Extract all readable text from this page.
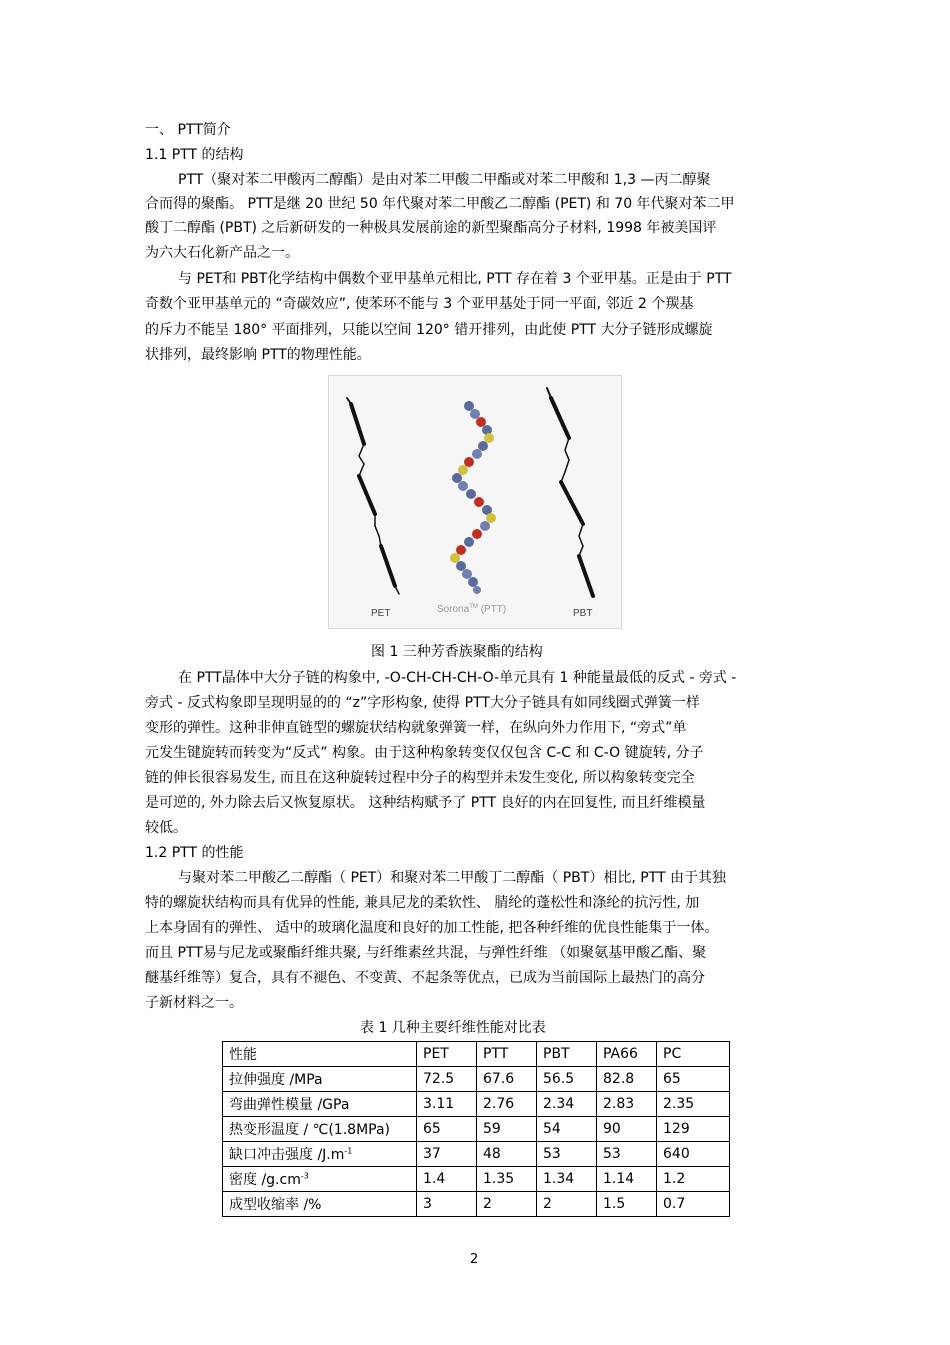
一、 PTT简介
1.1 PTT 的结构
PTT（聚对苯二甲酸丙二醇酯）是由对苯二甲酸二甲酯或对苯二甲酸和 1,3 —丙二醇聚
合而得的聚酯。 PTT是继 20 世纪 50 年代聚对苯二甲酸乙二醇酯 (PET) 和 70 年代聚对苯二甲
酸丁二醇酯 (PBT) 之后新研发的一种极具发展前途的新型聚酯高分子材料, 1998 年被美国评
为六大石化新产品之一。
与 PET和 PBT化学结构中偶数个亚甲基单元相比, PTT 存在着 3 个亚甲基。正是由于 PTT
奇数个亚甲基单元的 “奇碳效应”, 使苯环不能与 3 个亚甲基处于同一平面, 邻近 2 个羰基
的斥力不能呈 180° 平面排列，只能以空间 120° 错开排列，由此使 PTT 大分子链形成螺旋
状排列，最终影响 PTT的物理性能。
PET	Sorona™ (PTT)	PBT
图 1 三种芳香族聚酯的结构
在 PTT晶体中大分子链的构象中, -O-CH-CH-CH-O-单元具有 1 种能量最低的反式 - 旁式 -
旁式 - 反式构象即呈现明显的的 “z”字形构象, 使得 PTT大分子链具有如同线圈式弹簧一样
变形的弹性。这种非伸直链型的螺旋状结构就象弹簧一样，在纵向外力作用下, “旁式”单
元发生键旋转而转变为“反式” 构象。由于这种构象转变仅仅包含 C-C 和 C-O 键旋转, 分子
链的伸长很容易发生, 而且在这种旋转过程中分子的构型并未发生变化, 所以构象转变完全
是可逆的, 外力除去后又恢复原状。 这种结构赋予了 PTT 良好的内在回复性, 而且纤维模量
较低。
1.2 PTT 的性能
与聚对苯二甲酸乙二醇酯（ PET）和聚对苯二甲酸丁二醇酯（ PBT）相比, PTT 由于其独
特的螺旋状结构而具有优异的性能, 兼具尼龙的柔软性、 腈纶的蓬松性和涤纶的抗污性, 加
上本身固有的弹性、 适中的玻璃化温度和良好的加工性能, 把各种纤维的优良性能集于一体。
而且 PTT易与尼龙或聚酯纤维共聚, 与纤维素丝共混，与弹性纤维 （如聚氨基甲酸乙酯、聚
醚基纤维等）复合，具有不褪色、不变黄、不起条等优点，已成为当前国际上最热门的高分
子新材料之一。
表 1 几种主要纤维性能对比表
性能	PET	PTT	PBT	PA66	PC
拉伸强度 /MPa	72.5	67.6	56.5	82.8	65
弯曲弹性模量 /GPa	3.11	2.76	2.34	2.83	2.35
热变形温度 / ℃(1.8MPa)	65	59	54	90	129
缺口冲击强度 $/J.m^{-1}$	37	48	53	53	640
密度 $/g.cm^{-3}$	1.4	1.35	1.34	1.14	1.2
成型收缩率 /%	3	2	2	1.5	0.7
2
